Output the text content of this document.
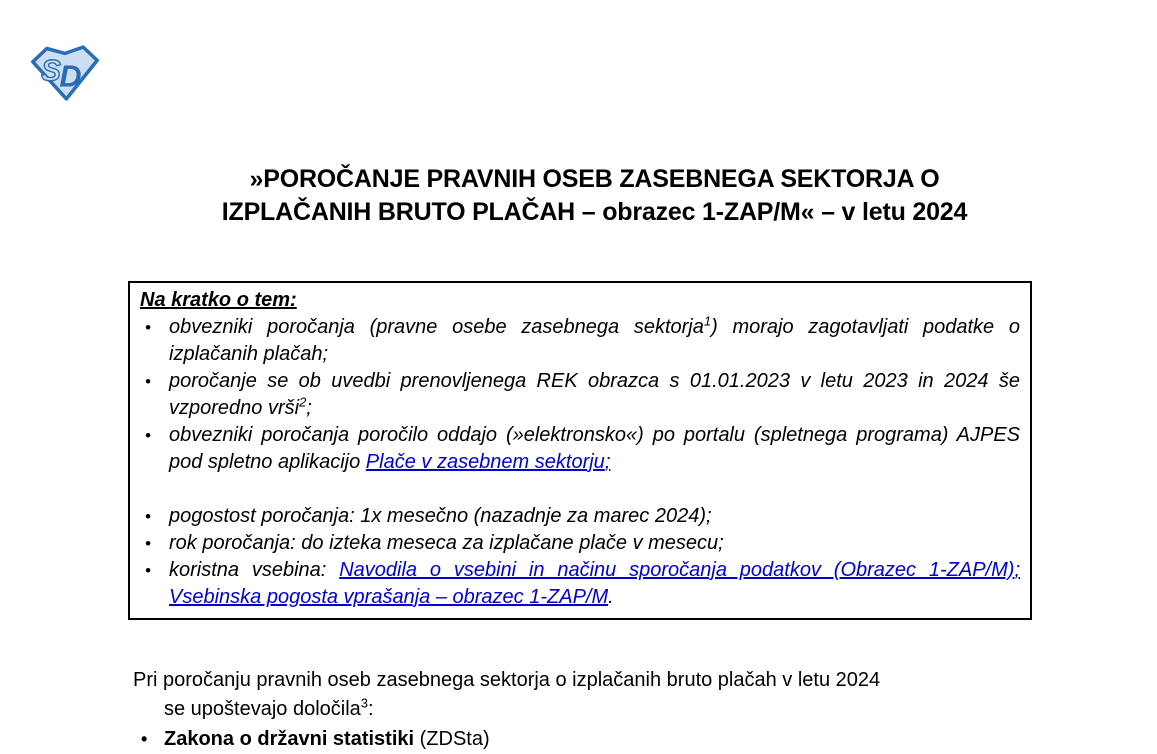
S
D
»POROČANJE PRAVNIH OSEB ZASEBNEGA SEKTORJA O
IZPLAČANIH BRUTO PLAČAH – obrazec 1-ZAP/M« – v letu 2024
Na kratko o tem:
• obvezniki poročanja (pravne osebe zasebnega sektorja$^1$) morajo zagotavljati podatke o izplačanih plačah;
• poročanje se ob uvedbi prenovljenega REK obrazca s 01.01.2023 v letu 2023 in 2024 še vzporedno vrši$^2$;
• obvezniki poročanja poročilo oddajo (»elektronsko«) po portalu (spletnega programa) AJPES pod spletno aplikacijo Plače v zasebnem sektorju;
• pogostost poročanja: 1x mesečno (nazadnje za marec 2024);
• rok poročanja: do izteka meseca za izplačane plače v mesecu;
• koristna vsebina: Navodila o vsebini in načinu sporočanja podatkov (Obrazec 1-ZAP/M); Vsebinska pogosta vprašanja – obrazec 1-ZAP/M.
Pri poročanju pravnih oseb zasebnega sektorja o izplačanih bruto plačah v letu 2024
se upoštevajo določila$^3$:
• Zakona o državni statistiki (ZDSta)
